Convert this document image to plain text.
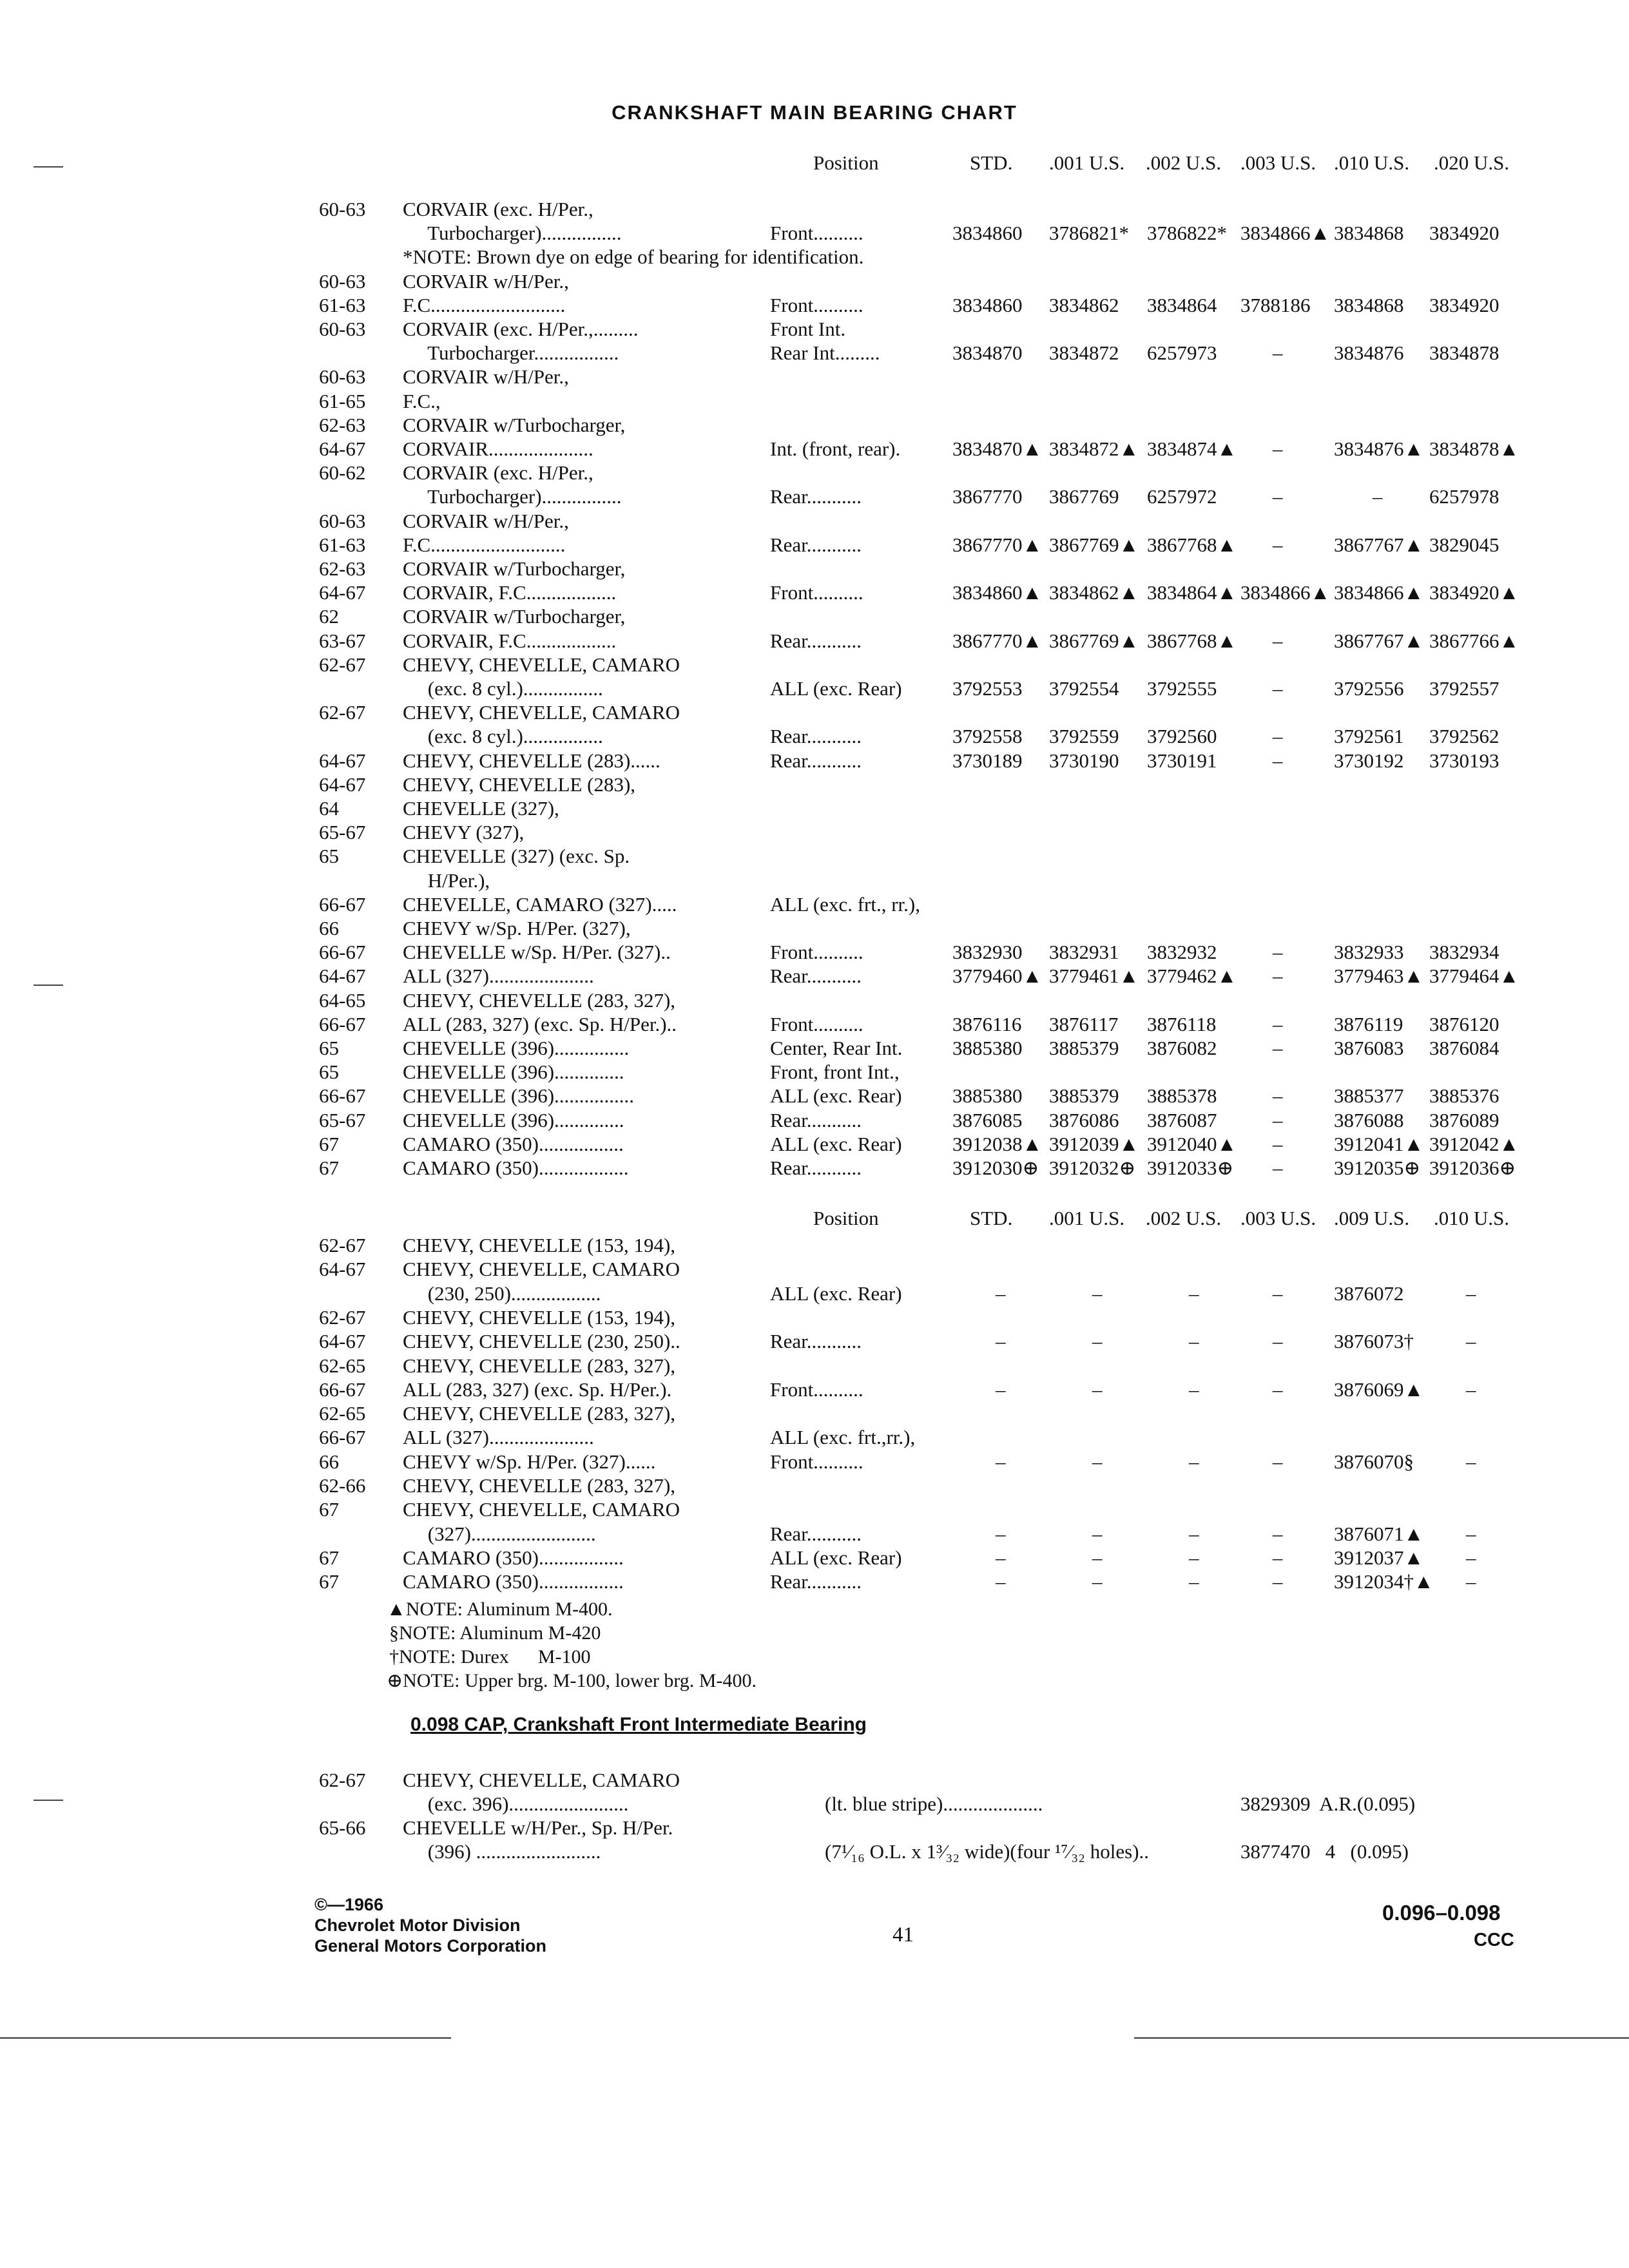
CRANKSHAFT MAIN BEARING CHART
Position	STD. .001 U.S. .002 U.S. .003 U.S. .010 U.S. .020 U.S.
60-63 CORVAIR (exc. H/Per.,
Turbocharger)................	Front..........	3834860 3786821* 3786822* 3834866▲ 3834868 3834920
*NOTE: Brown dye on edge of bearing for identification.
60-63 CORVAIR w/H/Per.,
61-63 F.C...........................	Front..........	3834860 3834862 3834864 3788186 3834868 3834920
60-63 CORVAIR (exc. H/Per.,.........	Front Int.
Turbocharger.................	Rear Int.........	3834870 3834872 6257973	–	3834876 3834878
60-63 CORVAIR w/H/Per.,
61-65 F.C.,
62-63 CORVAIR w/Turbocharger,
64-67 CORVAIR.....................	Int. (front, rear).	3834870▲ 3834872▲ 3834874▲ –	3834876▲ 3834878▲
60-62 CORVAIR (exc. H/Per.,
Turbocharger)................	Rear...........	3867770 3867769 6257972	–	– 6257978
60-63 CORVAIR w/H/Per.,
61-63 F.C...........................	Rear...........	3867770▲ 3867769▲ 3867768▲ –	3867767▲ 3829045
62-63 CORVAIR w/Turbocharger,
64-67 CORVAIR, F.C..................	Front..........	3834860▲ 3834862▲ 3834864▲ 3834866▲ 3834866▲ 3834920▲
62	CORVAIR w/Turbocharger,
63-67 CORVAIR, F.C..................	Rear...........	3867770▲ 3867769▲ 3867768▲ –	3867767▲ 3867766▲
62-67 CHEVY, CHEVELLE, CAMARO
(exc. 8 cyl.)................	ALL (exc. Rear)	3792553 3792554 3792555	–	3792556 3792557
62-67 CHEVY, CHEVELLE, CAMARO
(exc. 8 cyl.)................	Rear...........	3792558 3792559 3792560	–	3792561 3792562
64-67 CHEVY, CHEVELLE (283)......	Rear...........	3730189 3730190 3730191	–	3730192 3730193
64-67 CHEVY, CHEVELLE (283),
64	CHEVELLE (327),
65-67 CHEVY (327),
65	CHEVELLE (327) (exc. Sp.
H/Per.),
66-67 CHEVELLE, CAMARO (327).....	ALL (exc. frt., rr.),
66	CHEVY w/Sp. H/Per. (327),
66-67 CHEVELLE w/Sp. H/Per. (327)..	Front..........	3832930 3832931 3832932	–	3832933 3832934
64-67 ALL (327).....................	Rear...........	3779460▲ 3779461▲ 3779462▲ –	3779463▲ 3779464▲
64-65 CHEVY, CHEVELLE (283, 327),
66-67 ALL (283, 327) (exc. Sp. H/Per.)..	Front..........	3876116 3876117 3876118	–	3876119 3876120
65	CHEVELLE (396)...............	Center, Rear Int.	3885380 3885379 3876082	–	3876083 3876084
65	CHEVELLE (396)..............	Front, front Int.,
66-67 CHEVELLE (396)................	ALL (exc. Rear)	3885380 3885379 3885378	–	3885377 3885376
65-67 CHEVELLE (396)..............	Rear...........	3876085 3876086 3876087	–	3876088 3876089
67	CAMARO (350).................	ALL (exc. Rear)	3912038▲ 3912039▲ 3912040▲ –	3912041▲ 3912042▲
67	CAMARO (350)..................	Rear...........	3912030⊕ 3912032⊕ 3912033⊕ –	3912035⊕ 3912036⊕
Position	STD. .001 U.S. .002 U.S. .003 U.S. .009 U.S. .010 U.S.
62-67 CHEVY, CHEVELLE (153, 194),
64-67 CHEVY, CHEVELLE, CAMARO
(230, 250)..................	ALL (exc. Rear)	–	–	–	–	3876072	–
62-67 CHEVY, CHEVELLE (153, 194),
64-67 CHEVY, CHEVELLE (230, 250)..	Rear...........	–	–	–	–	3876073†	–
62-65 CHEVY, CHEVELLE (283, 327),
66-67 ALL (283, 327) (exc. Sp. H/Per.).	Front..........	–	–	–	–	3876069▲ –
62-65 CHEVY, CHEVELLE (283, 327),
66-67 ALL (327).....................	ALL (exc. frt.,rr.),
66	CHEVY w/Sp. H/Per. (327)......	Front..........	–	–	–	–	3876070§	–
62-66 CHEVY, CHEVELLE (283, 327),
67	CHEVY, CHEVELLE, CAMARO
(327).........................	Rear...........	–	–	–	–	3876071▲ –
67	CAMARO (350).................	ALL (exc. Rear)	–	–	–	–	3912037▲ –
67	CAMARO (350).................	Rear...........	–	–	–	–	3912034†▲ –
▲NOTE: Aluminum M-400.
§NOTE: Aluminum M-420
†NOTE: Durex      M-100
⊕NOTE: Upper brg. M-100, lower brg. M-400.
0.098 CAP, Crankshaft Front Intermediate Bearing
62-67 CHEVY, CHEVELLE, CAMARO
(exc. 396)........................	(lt. blue stripe)....................	3829309  A.R.(0.095)
65-66 CHEVELLE w/H/Per., Sp. H/Per.
(396) .........................	(7¹⁄₁₆ O.L. x 1³⁄₃₂ wide)(four ¹⁷⁄₃₂ holes)..	3877470   4   (0.095)
©—1966
Chevrolet Motor Division
General Motors Corporation	41
0.096–0.098
CCC
